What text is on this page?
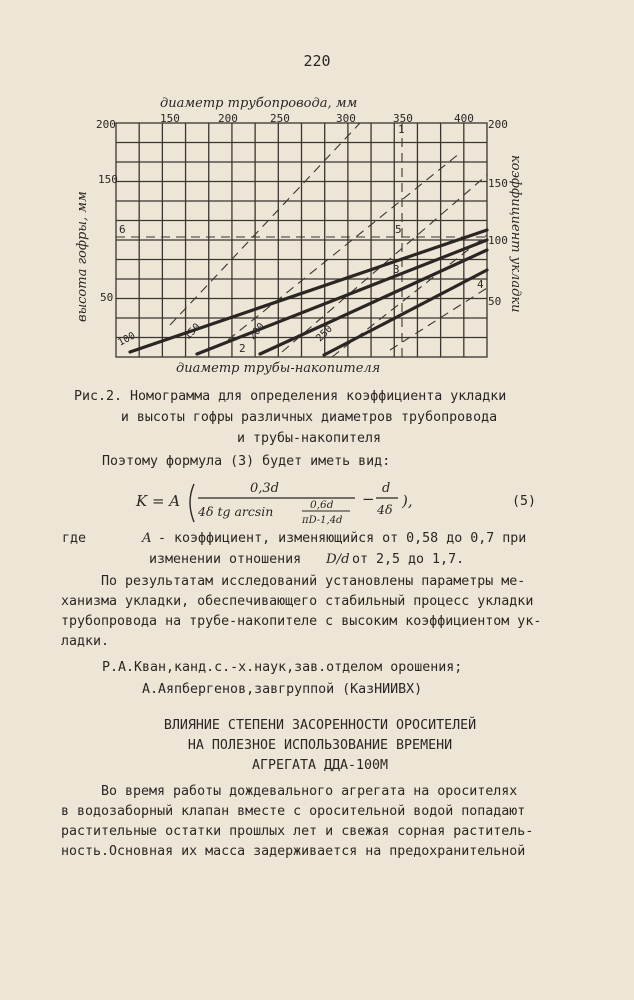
220
диаметр трубопровода, мм
диаметр трубы-накопителя
высота гофры, мм	коэффициент укладки
150	200	250	300	350	400
200
150
50
200
150
100
50
100	150	200	250
1
2
3
4
5
6
Рис.2. Номограмма для определения коэффициента укладки
и высоты гофры различных диаметров трубопровода
и трубы-накопителя
Поэтому формула (3) будет иметь вид:
K = A
0,3d
4δ tg arcsin	0,6d
πD-1,4d
−
d
4δ ),	(5)
где	A - коэффициент, изменяющийся от 0,58 до 0,7 при
изменении отношения D/d от 2,5 до 1,7.
По результатам исследований установлены параметры ме-
ханизма укладки, обеспечивающего стабильный процесс укладки
трубопровода на трубе-накопителе с высоким коэффициентом ук-
ладки.
Р.А.Кван,канд.с.-х.наук,зав.отделом орошения;
А.Аяпбергенов,завгруппой (КазНИИВХ)
ВЛИЯНИЕ СТЕПЕНИ ЗАСОРЕННОСТИ ОРОСИТЕЛЕЙ
НА ПОЛЕЗНОЕ ИСПОЛЬЗОВАНИЕ ВРЕМЕНИ
АГРЕГАТА ДДА-100М
Во время работы дождевального агрегата на оросителях
в водозаборный клапан вместе с оросительной водой попадают
растительные остатки прошлых лет и свежая сорная раститель-
ность.Основная их масса задерживается на предохранительной
